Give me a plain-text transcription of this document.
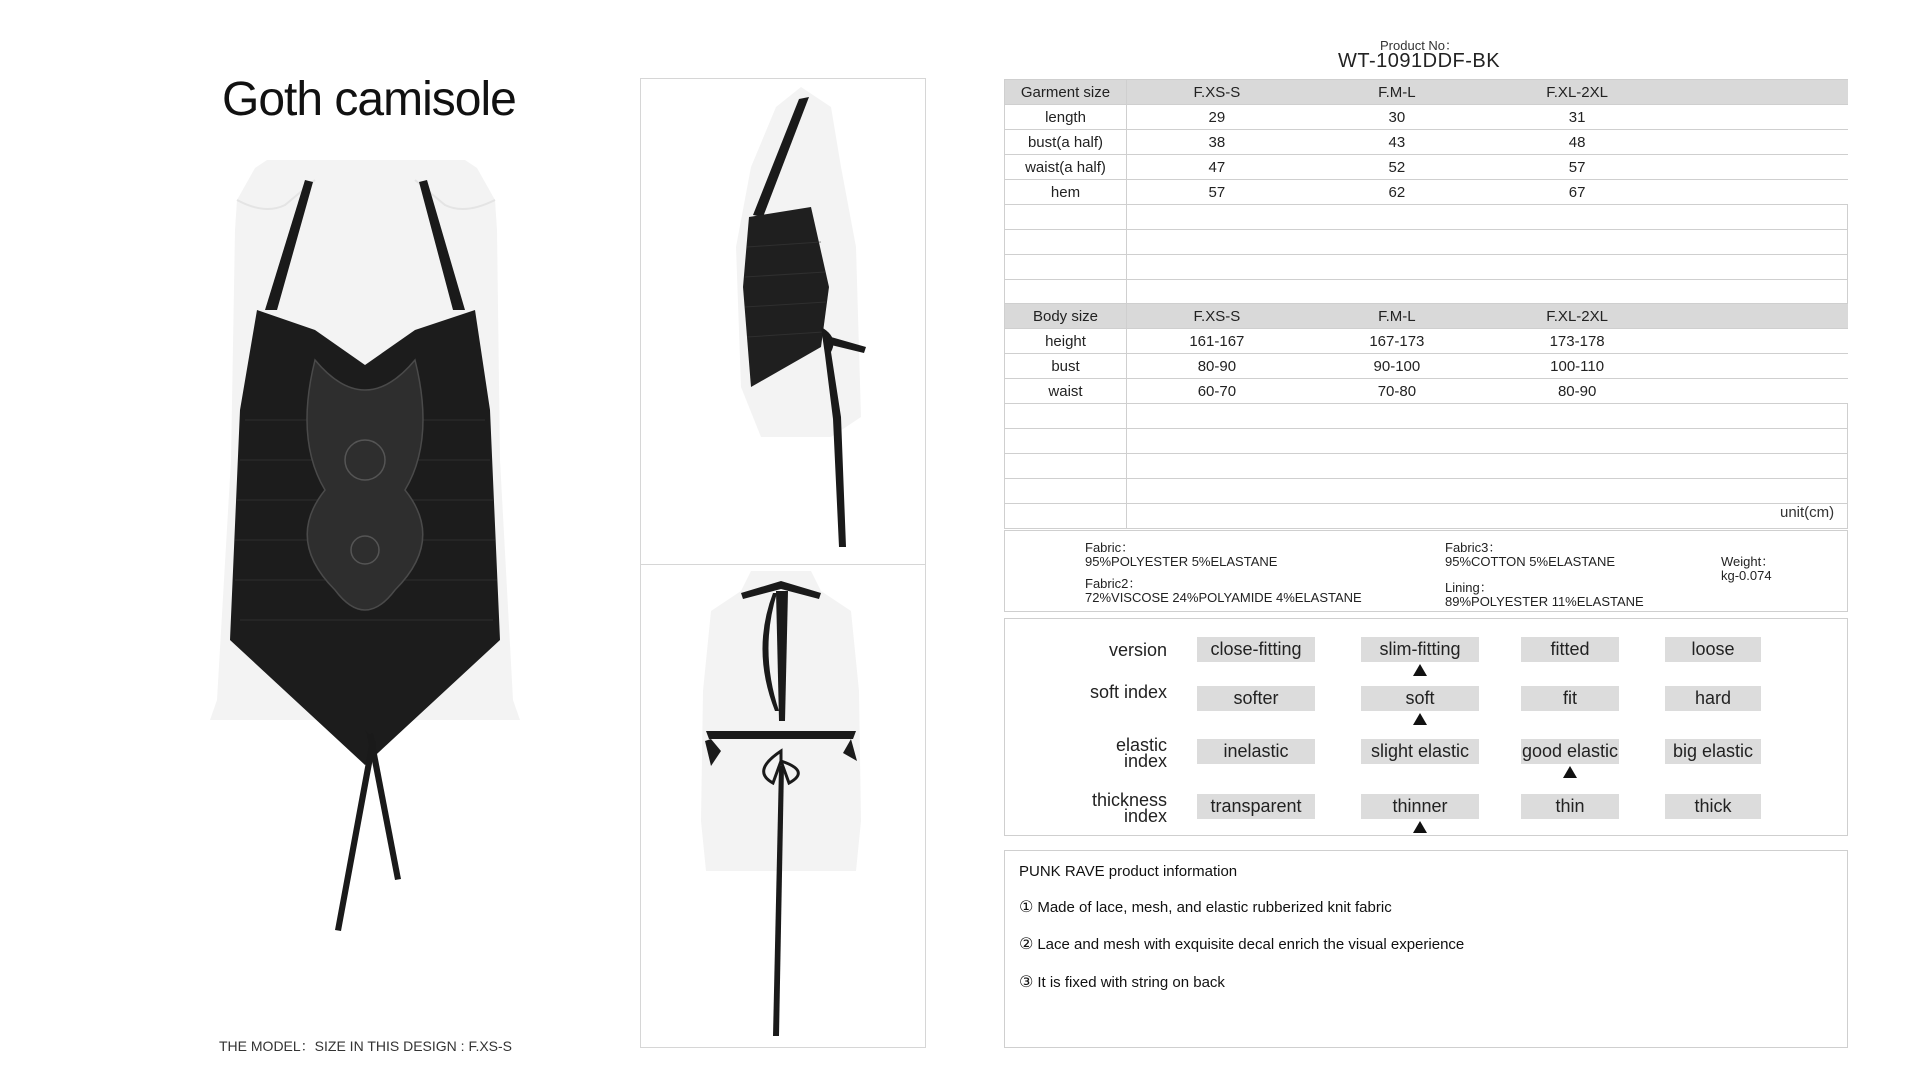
Goth camisole
THE MODEL：SIZE IN THIS DESIGN : F.XS-S
Product No：
WT-1091DDF-BK
Garment size	F.XS-S	F.M-L	F.XL-2XL	
length	29	30	31	
bust(a half)	38	43	48	
waist(a half)	47	52	57	
hem	57	62	67	

Body size	F.XS-S	F.M-L	F.XL-2XL	
height	161-167	167-173	173-178	
bust	80-90	90-100	100-110	
waist	60-70	70-80	80-90	

unit(cm)
Fabric：
95%POLYESTER 5%ELASTANE
Fabric2：
72%VISCOSE 24%POLYAMIDE 4%ELASTANE
Fabric3：
95%COTTON 5%ELASTANE
Lining：
89%POLYESTER 11%ELASTANE
Weight：
kg-0.074
version	close-fitting	slim-fitting	fitted	loose
soft index	softer	soft	fit	hard
elastic index	inelastic	slight elastic	good elastic	big elastic
thickness index	transparent	thinner	thin	thick
PUNK RAVE product information
① Made of lace, mesh, and elastic rubberized knit fabric
② Lace and mesh with exquisite decal enrich the visual experience
③ It is fixed with string on back
